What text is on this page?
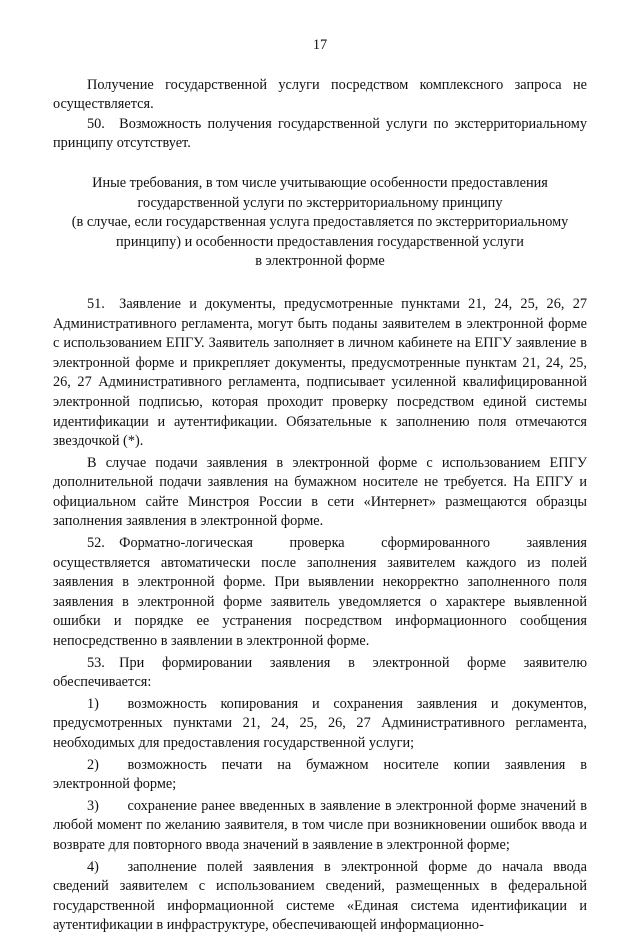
17

Получение государственной услуги посредством комплексного запроса не осуществляется.

50. Возможность получения государственной услуги по экстерриториальному принципу отсутствует.

Иные требования, в том числе учитывающие особенности предоставления
государственной услуги по экстерриториальному принципу
(в случае, если государственная услуга предоставляется по экстерриториальному
принципу) и особенности предоставления государственной услуги
в электронной форме

51. Заявление и документы, предусмотренные пунктами 21, 24, 25, 26, 27 Административного регламента, могут быть поданы заявителем в электронной форме с использованием ЕПГУ. Заявитель заполняет в личном кабинете на ЕПГУ заявление в электронной форме и прикрепляет документы, предусмотренные пунктам 21, 24, 25, 26, 27 Административного регламента, подписывает усиленной квалифицированной электронной подписью, которая проходит проверку посредством единой системы идентификации и аутентификации. Обязательные к заполнению поля отмечаются звездочкой (*).

В случае подачи заявления в электронной форме с использованием ЕПГУ дополнительной подачи заявления на бумажном носителе не требуется. На ЕПГУ и официальном сайте Минстроя России в сети «Интернет» размещаются образцы заполнения заявления в электронной форме.

52. Форматно-логическая проверка сформированного заявления осуществляется автоматически после заполнения заявителем каждого из полей заявления в электронной форме. При выявлении некорректно заполненного поля заявления в электронной форме заявитель уведомляется о характере выявленной ошибки и порядке ее устранения посредством информационного сообщения непосредственно в заявлении в электронной форме.

53. При формировании заявления в электронной форме заявителю обеспечивается:

1)  возможность копирования и сохранения заявления и документов, предусмотренных пунктами 21, 24, 25, 26, 27 Административного регламента, необходимых для предоставления государственной услуги;

2)  возможность печати на бумажном носителе копии заявления в электронной форме;

3)  сохранение ранее введенных в заявление в электронной форме значений в любой момент по желанию заявителя, в том числе при возникновении ошибок ввода и возврате для повторного ввода значений в заявление в электронной форме;

4)  заполнение полей заявления в электронной форме до начала ввода сведений заявителем с использованием сведений, размещенных в федеральной государственной информационной системе «Единая система идентификации и аутентификации в инфраструктуре, обеспечивающей информационно-
